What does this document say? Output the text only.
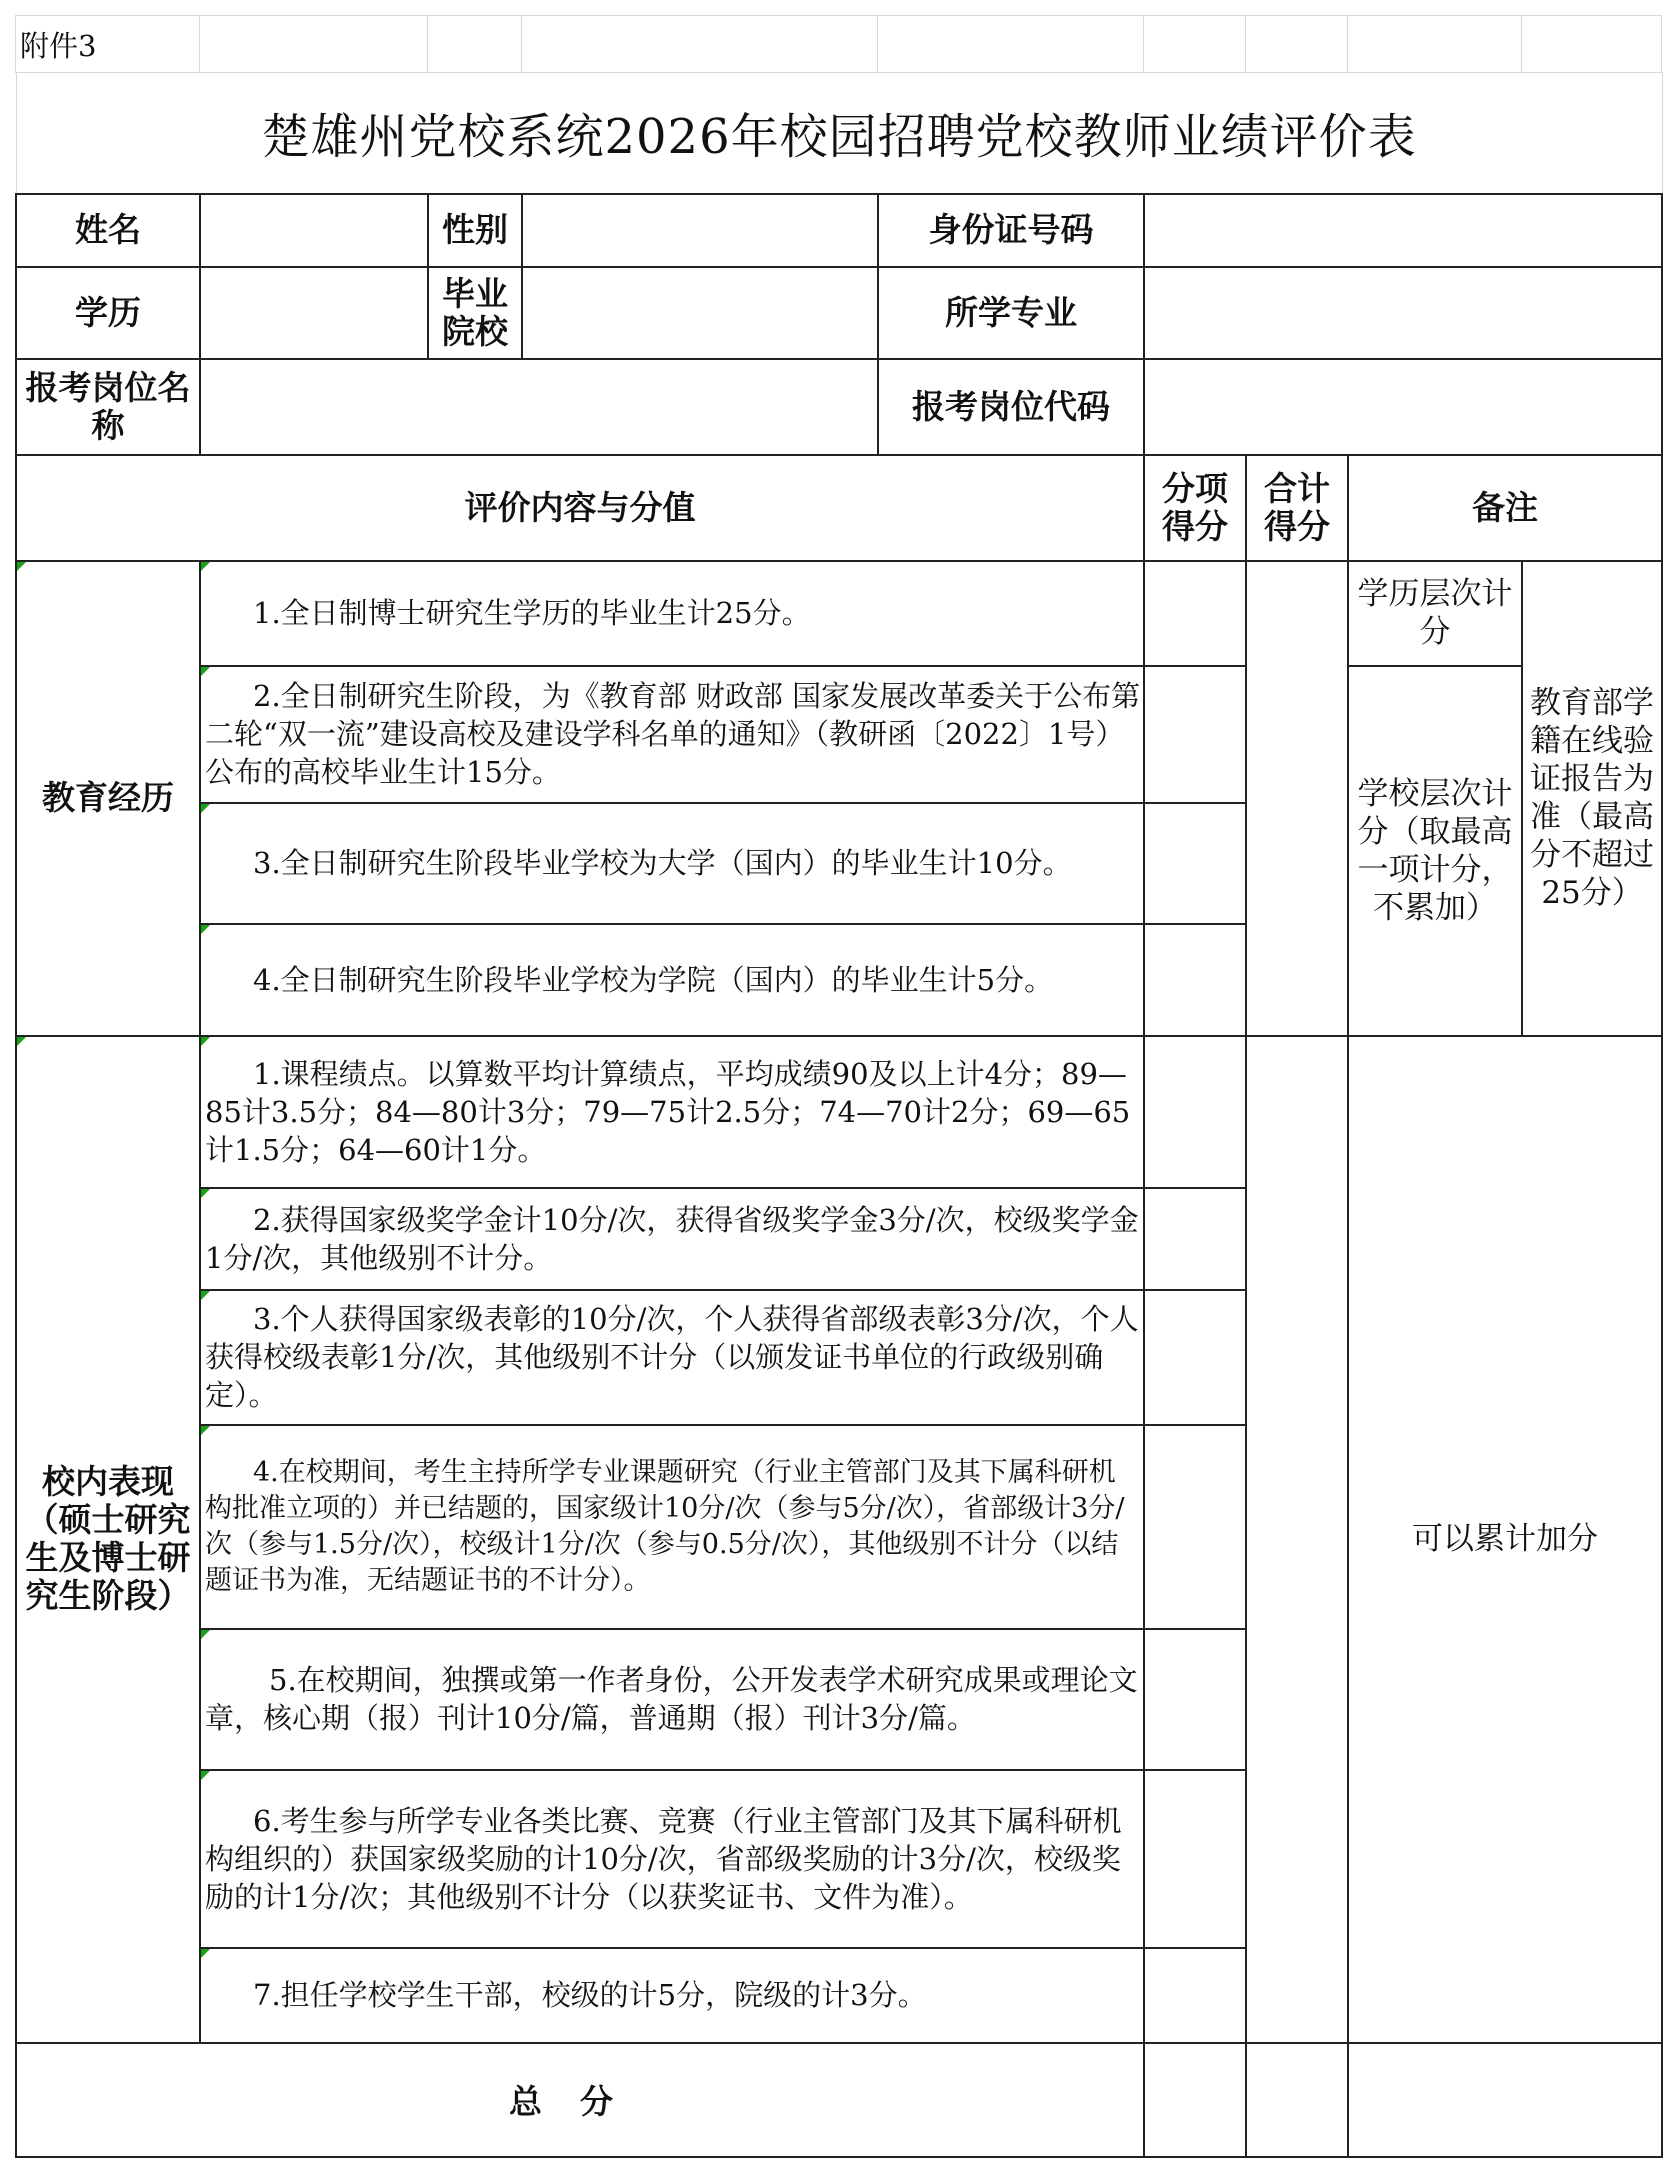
附件3								
楚雄州党校系统2026年校园招聘党校教师业绩评价表								
姓名		性别		身份证号码				
学历		毕业院校		所学专业				
报考岗位名称				报考岗位代码				
评价内容与分值					分项得分	合计得分	备注	
教育经历	1.全日制博士研究生学历的毕业生计25分。						学历层次计分	教育部学籍在线验证报告为准（最高分不超过25分）
	2.全日制研究生阶段，为《教育部 财政部 国家发展改革委关于公布第二轮“双一流”建设高校及建设学科名单的通知》（教研函〔2022〕1号）公布的高校毕业生计15分。						学校层次计分（取最高一项计分，不累加）	
	3.全日制研究生阶段毕业学校为大学（国内）的毕业生计10分。							
	4.全日制研究生阶段毕业学校为学院（国内）的毕业生计5分。							
校内表现（硕士研究生及博士研究生阶段）	1.课程绩点。以算数平均计算绩点，平均成绩90及以上计4分；89—85计3.5分；84—80计3分；79—75计2.5分；74—70计2分；69—65计1.5分；64—60计1分。						可以累计加分	
	2.获得国家级奖学金计10分/次，获得省级奖学金3分/次，校级奖学金1分/次，其他级别不计分。							
	3.个人获得国家级表彰的10分/次，个人获得省部级表彰3分/次，个人获得校级表彰1分/次，其他级别不计分（以颁发证书单位的行政级别确定）。							
	4.在校期间，考生主持所学专业课题研究（行业主管部门及其下属科研机构批准立项的）并已结题的，国家级计10分/次（参与5分/次），省部级计3分/次（参与1.5分/次），校级计1分/次（参与0.5分/次），其他级别不计分（以结题证书为准，无结题证书的不计分）。							
	5.在校期间，独撰或第一作者身份，公开发表学术研究成果或理论文章，核心期（报）刊计10分/篇，普通期（报）刊计3分/篇。							
	6.考生参与所学专业各类比赛、竞赛（行业主管部门及其下属科研机构组织的）获国家级奖励的计10分/次，省部级奖励的计3分/次，校级奖励的计1分/次；其他级别不计分（以获奖证书、文件为准）。							
	7.担任学校学生干部，校级的计5分，院级的计3分。							
总分								
